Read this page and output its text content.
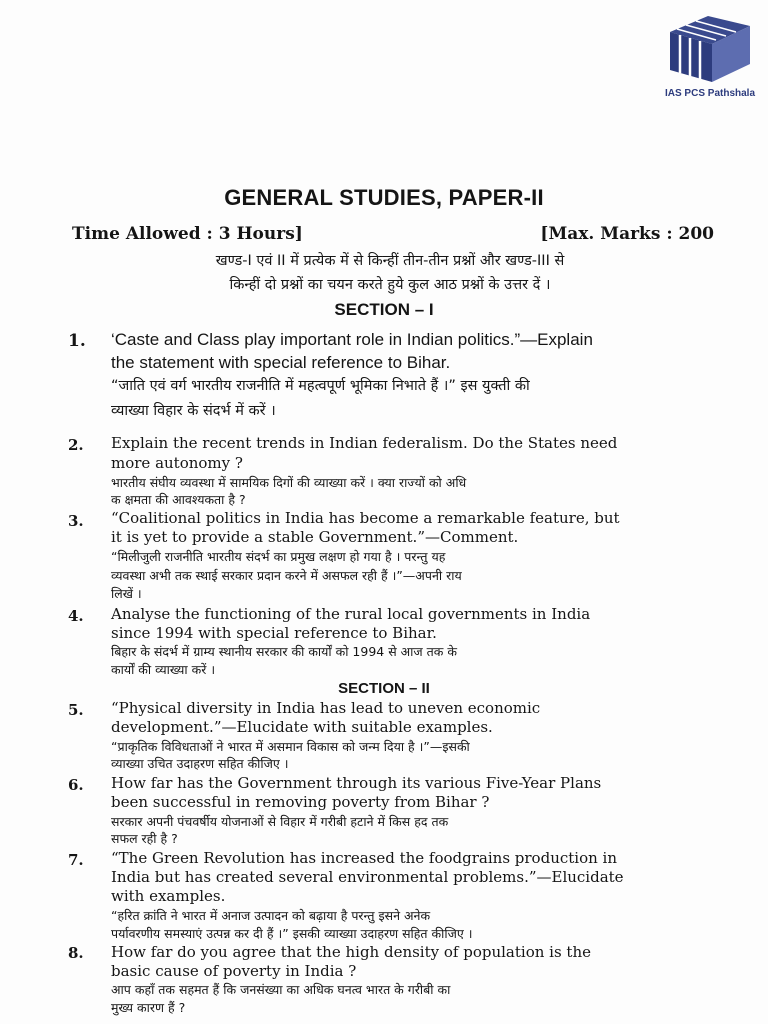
IAS PCS Pathshala
GENERAL STUDIES, PAPER-II
Time Allowed : 3 Hours]	[Max. Marks : 200
खण्ड-I एवं II में प्रत्येक में से किन्हीं तीन-तीन प्रश्नों और खण्ड-III से
किन्हीं दो प्रश्नों का चयन करते हुये कुल आठ प्रश्नों के उत्तर दें ।
SECTION – I
1. ‘Caste and Class play important role in Indian politics.”—Explain
the statement with special reference to Bihar.
“जाति एवं वर्ग भारतीय राजनीति में महत्वपूर्ण भूमिका निभाते हैं ।” इस युक्ती की
व्याख्या विहार के संदर्भ में करें ।
2. Explain the recent trends in Indian federalism. Do the States need
more autonomy ?
भारतीय संघीय व्यवस्था में सामयिक दिगों की व्याख्या करें । क्या राज्यों को अधि
क क्षमता की आवश्यकता है ?
3. “Coalitional politics in India has become a remarkable feature, but
it is yet to provide a stable Government.”—Comment.
“मिलीजुली राजनीति भारतीय संदर्भ का प्रमुख लक्षण हो गया है । परन्तु यह
व्यवस्था अभी तक स्थाई सरकार प्रदान करने में असफल रही हैं ।”—अपनी राय
लिखें ।
4. Analyse the functioning of the rural local governments in India
since 1994 with special reference to Bihar.
बिहार के संदर्भ में ग्राम्य स्थानीय सरकार की कार्यों को 1994 से आज तक के
कार्यों की व्याख्या करें ।
SECTION – II
5. “Physical diversity in India has lead to uneven economic
development.”—Elucidate with suitable examples.
“प्राकृतिक विविधताओं ने भारत में असमान विकास को जन्म दिया है ।”—इसकी
व्याख्या उचित उदाहरण सहित कीजिए ।
6. How far has the Government through its various Five-Year Plans
been successful in removing poverty from Bihar ?
सरकार अपनी पंचवर्षीय योजनाओं से विहार में गरीबी हटाने में किस हद तक
सफल रही है ?
7. “The Green Revolution has increased the foodgrains production in
India but has created several environmental problems.”—Elucidate
with examples.
“हरित क्रांति ने भारत में अनाज उत्पादन को बढ़ाया है परन्तु इसने अनेक
पर्यावरणीय समस्याएं उत्पन्न कर दी हैं ।” इसकी व्याख्या उदाहरण सहित कीजिए ।
8. How far do you agree that the high density of population is the
basic cause of poverty in India ?
आप कहाँ तक सहमत हैं कि जनसंख्या का अधिक घनत्व भारत के गरीबी का
मुख्य कारण हैं ?
